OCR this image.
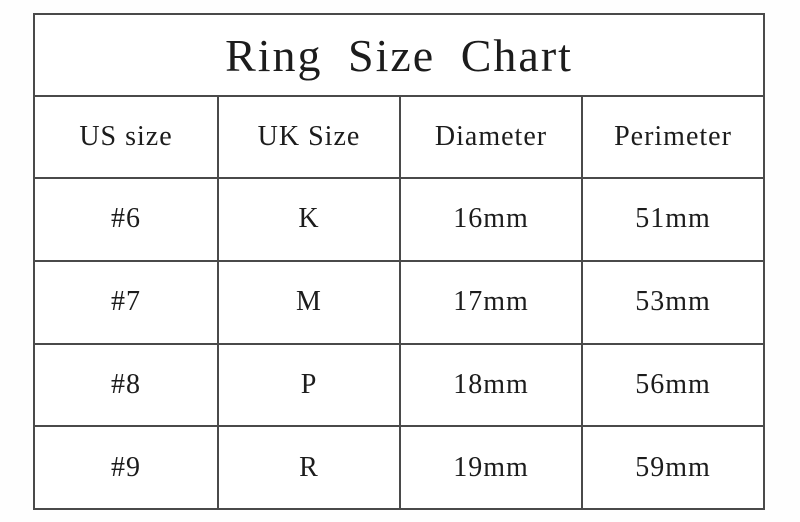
Ring Size Chart
US size	UK Size	Diameter	Perimeter
#6	K	16mm	51mm
#7	M	17mm	53mm
#8	P	18mm	56mm
#9	R	19mm	59mm
